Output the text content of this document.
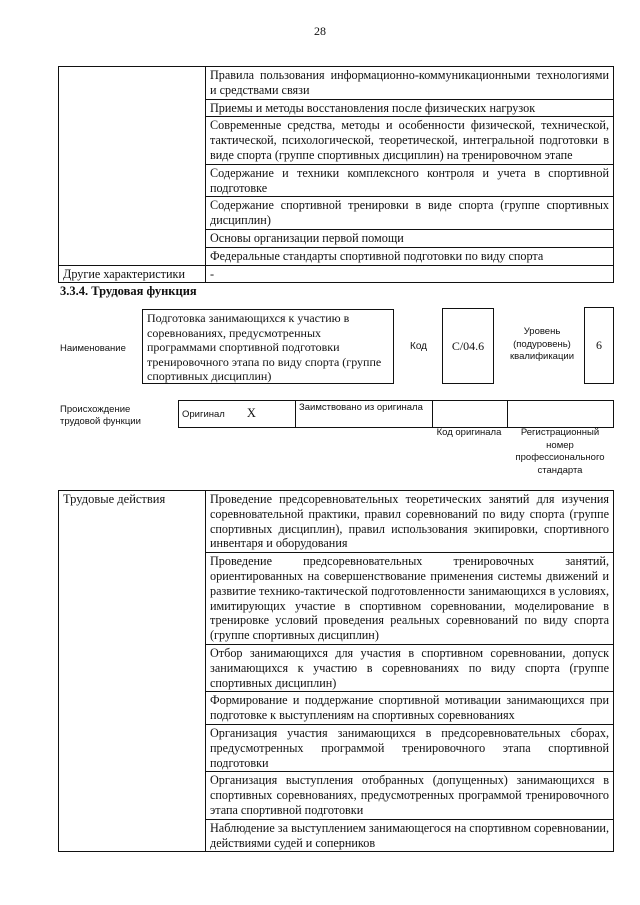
28
	Правила пользования информационно-коммуникационными технологиями и средствами связи
	Приемы и методы восстановления после физических нагрузок
	Современные средства, методы и особенности физической, технической, тактической, психологической, теоретической, интегральной подготовки в виде спорта (группе спортивных дисциплин) на тренировочном этапе
	Содержание и техники комплексного контроля и учета в спортивной подготовке
	Содержание спортивной тренировки в виде спорта (группе спортивных дисциплин)
	Основы организации первой помощи
	Федеральные стандарты спортивной подготовки по виду спорта
Другие характеристики	-
3.3.4. Трудовая функция
Наименование
Подготовка занимающихся к участию в соревнованиях, предусмотренных программами спортивной подготовки тренировочного этапа по виду спорта (группе спортивных дисциплин)
Код C/04.6
Уровень (подуровень) квалификации
6
Происхождение трудовой функции
Оригинал X	Заимствовано из оригинала		
Код оригинала	Регистрационный номер профессионального стандарта
Трудовые действия	Проведение предсоревновательных теоретических занятий для изучения соревновательной практики, правил соревнований по виду спорта (группе спортивных дисциплин), правил использования экипировки, спортивного инвентаря и оборудования
Проведение предсоревновательных тренировочных занятий, ориентированных на совершенствование применения системы движений и развитие технико-тактической подготовленности занимающихся в условиях, имитирующих участие в спортивном соревновании, моделирование в тренировке условий проведения реальных соревнований по виду спорта (группе спортивных дисциплин)
Отбор занимающихся для участия в спортивном соревновании, допуск занимающихся к участию в соревнованиях по виду спорта (группе спортивных дисциплин)
Формирование и поддержание спортивной мотивации занимающихся при подготовке к выступлениям на спортивных соревнованиях
Организация участия занимающихся в предсоревновательных сборах, предусмотренных программой тренировочного этапа спортивной подготовки
Организация выступления отобранных (допущенных) занимающихся в спортивных соревнованиях, предусмотренных программой тренировочного этапа спортивной подготовки
Наблюдение за выступлением занимающегося на спортивном соревновании, действиями судей и соперников
